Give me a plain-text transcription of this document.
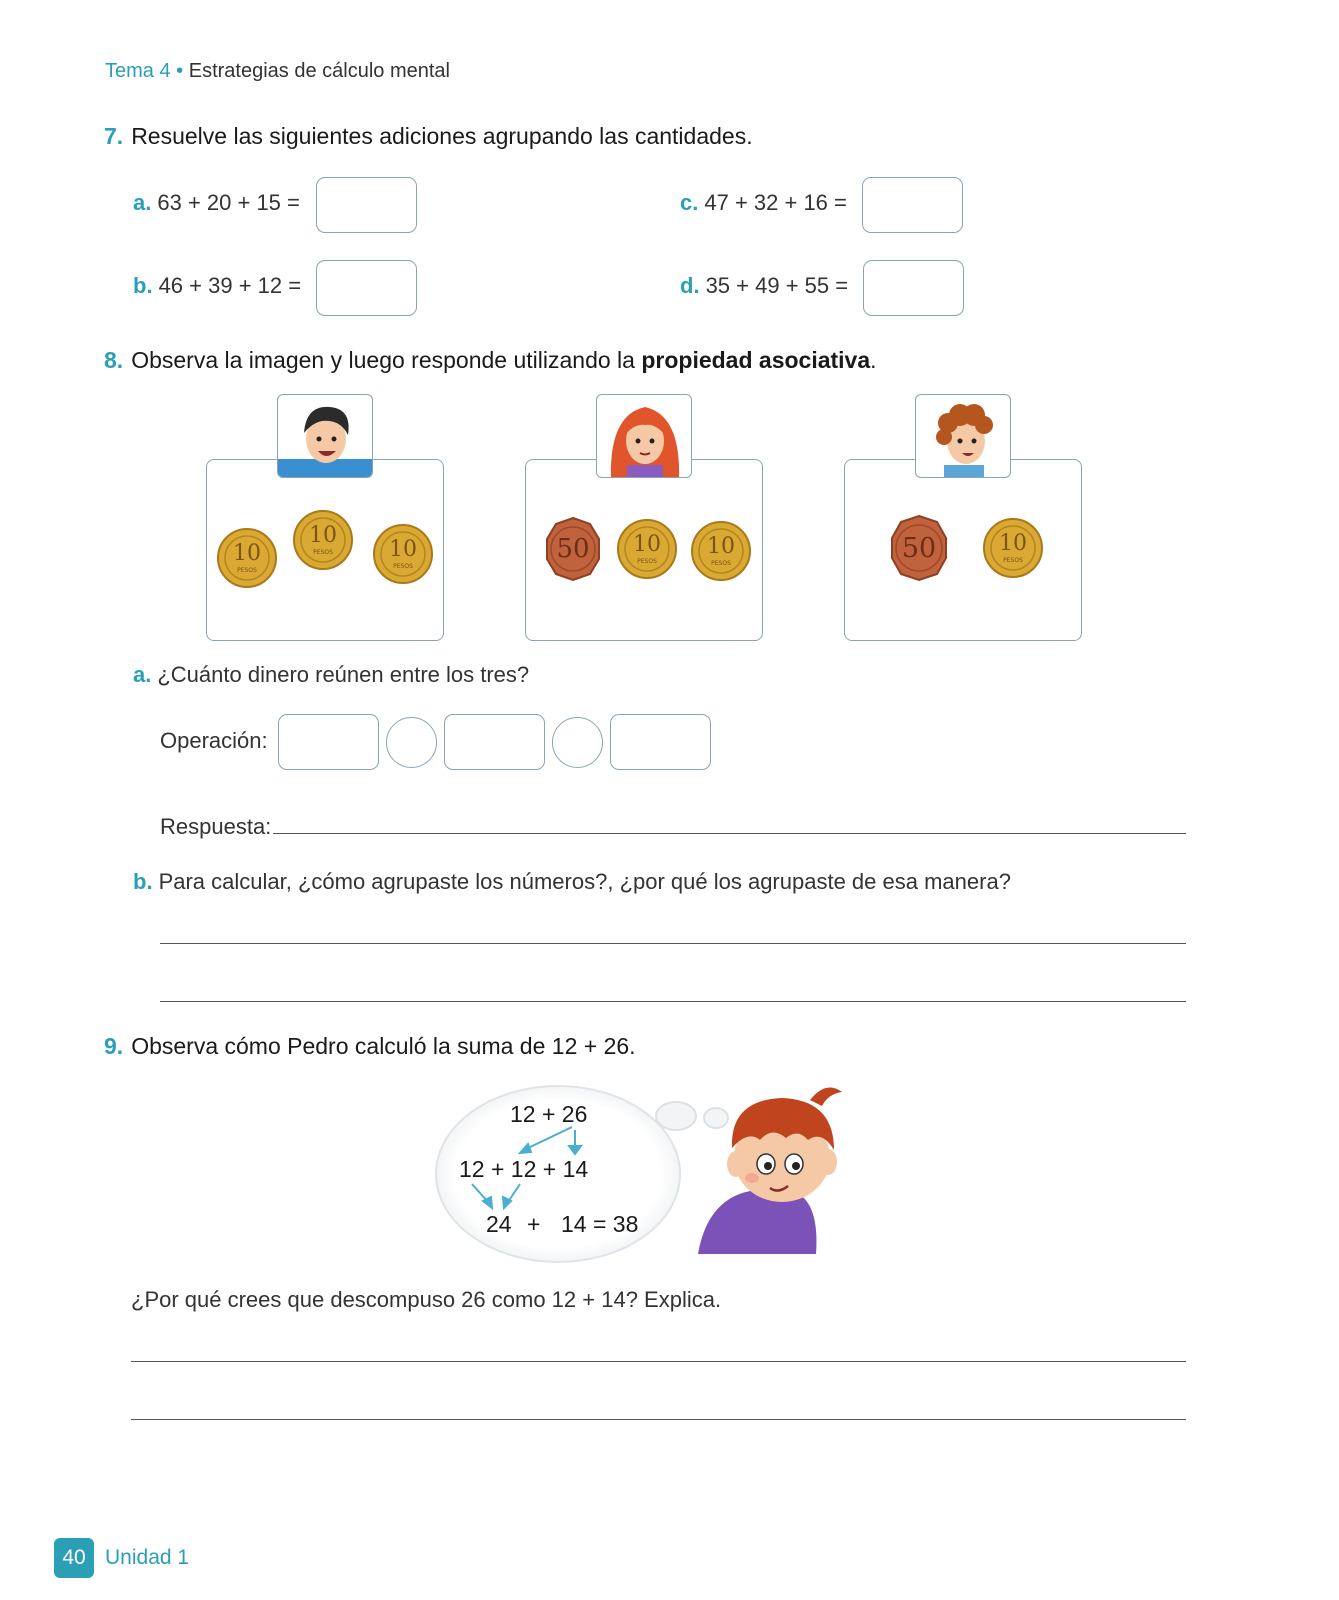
Tema 4 • Estrategias de cálculo mental
7. Resuelve las siguientes adiciones agrupando las cantidades.
a. 63 + 20 + 15 =
b. 46 + 39 + 12 =
c. 47 + 32 + 16 =
d. 35 + 49 + 55 =
8. Observa la imagen y luego responde utilizando la propiedad asociativa.
10
PESOS
10
PESOS	10
PESOS
50 10
PESOS
10
PESOS	50	10
PESOS
a. ¿Cuánto dinero reúnen entre los tres?
Operación:
Respuesta:
b. Para calcular, ¿cómo agrupaste los números?, ¿por qué los agrupaste de esa manera?
9. Observa cómo Pedro calculó la suma de 12 + 26.
12 + 26
12 + 12 + 14
24 + 14 = 38
¿Por qué crees que descompuso 26 como 12 + 14? Explica.
40 Unidad 1
